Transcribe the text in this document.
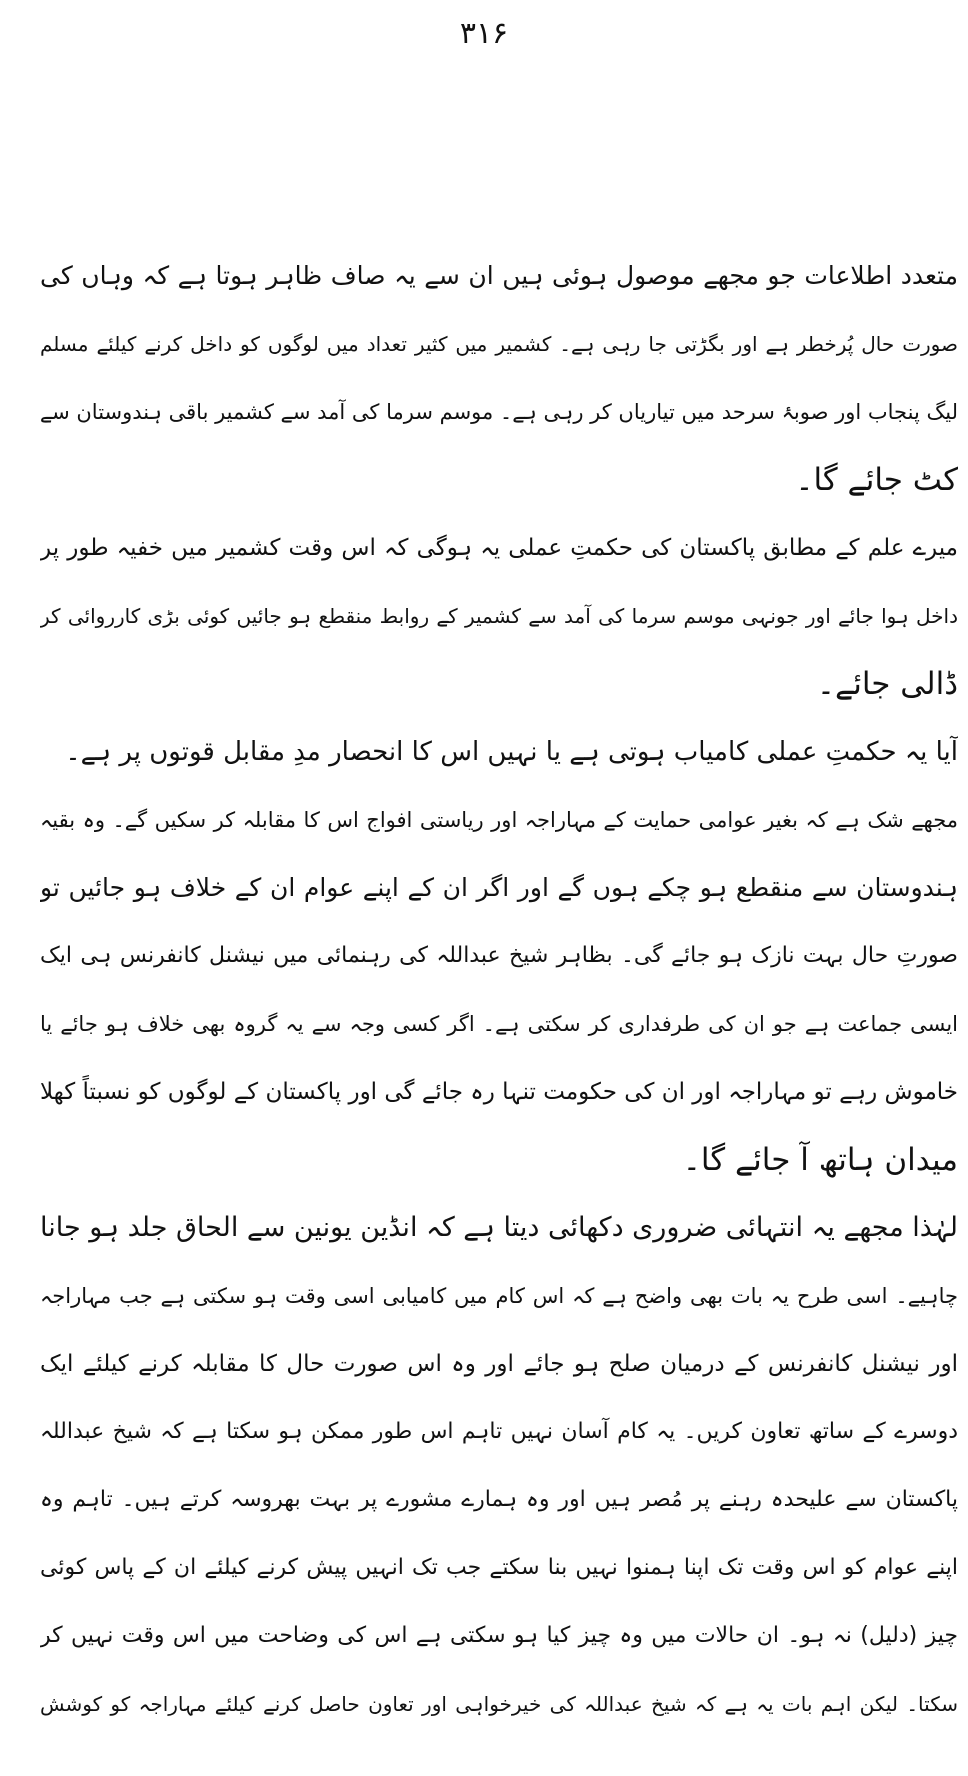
۳۱۶
متعدد اطلاعات جو مجھے موصول ہوئی ہیں ان سے یہ صاف ظاہر ہوتا ہے کہ وہاں کی
صورت حال پُرخطر ہے اور بگڑتی جا رہی ہے۔ کشمیر میں کثیر تعداد میں لوگوں کو داخل کرنے کیلئے مسلم
لیگ پنجاب اور صوبۂ سرحد میں تیاریاں کر رہی ہے۔ موسم سرما کی آمد سے کشمیر باقی ہندوستان سے
کٹ جائے گا۔
میرے علم کے مطابق پاکستان کی حکمتِ عملی یہ ہوگی کہ اس وقت کشمیر میں خفیہ طور پر
داخل ہوا جائے اور جونہی موسم سرما کی آمد سے کشمیر کے روابط منقطع ہو جائیں کوئی بڑی کارروائی کر
ڈالی جائے۔
آیا یہ حکمتِ عملی کامیاب ہوتی ہے یا نہیں اس کا انحصار مدِ مقابل قوتوں پر ہے۔
مجھے شک ہے کہ بغیر عوامی حمایت کے مہاراجہ اور ریاستی افواج اس کا مقابلہ کر سکیں گے۔ وہ بقیہ
ہندوستان سے منقطع ہو چکے ہوں گے اور اگر ان کے اپنے عوام ان کے خلاف ہو جائیں تو
صورتِ حال بہت نازک ہو جائے گی۔ بظاہر شیخ عبداللہ کی رہنمائی میں نیشنل کانفرنس ہی ایک
ایسی جماعت ہے جو ان کی طرفداری کر سکتی ہے۔ اگر کسی وجہ سے یہ گروہ بھی خلاف ہو جائے یا
خاموش رہے تو مہاراجہ اور ان کی حکومت تنہا رہ جائے گی اور پاکستان کے لوگوں کو نسبتاً کھلا
میدان ہاتھ آ جائے گا۔
لہٰذا مجھے یہ انتہائی ضروری دکھائی دیتا ہے کہ انڈین یونین سے الحاق جلد ہو جانا
چاہیے۔ اسی طرح یہ بات بھی واضح ہے کہ اس کام میں کامیابی اسی وقت ہو سکتی ہے جب مہاراجہ
اور نیشنل کانفرنس کے درمیان صلح ہو جائے اور وہ اس صورت حال کا مقابلہ کرنے کیلئے ایک
دوسرے کے ساتھ تعاون کریں۔ یہ کام آسان نہیں تاہم اس طور ممکن ہو سکتا ہے کہ شیخ عبداللہ
پاکستان سے علیحدہ رہنے پر مُصر ہیں اور وہ ہمارے مشورے پر بہت بھروسہ کرتے ہیں۔ تاہم وہ
اپنے عوام کو اس وقت تک اپنا ہمنوا نہیں بنا سکتے جب تک انہیں پیش کرنے کیلئے ان کے پاس کوئی
چیز (دلیل) نہ ہو۔ ان حالات میں وہ چیز کیا ہو سکتی ہے اس کی وضاحت میں اس وقت نہیں کر
سکتا۔ لیکن اہم بات یہ ہے کہ شیخ عبداللہ کی خیرخواہی اور تعاون حاصل کرنے کیلئے مہاراجہ کو کوشش
